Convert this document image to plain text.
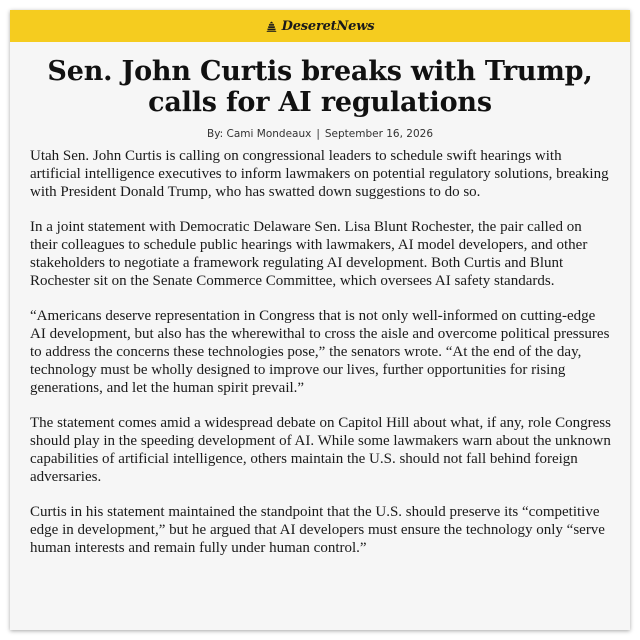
DeseretNews
Sen. John Curtis breaks with Trump, calls for AI regulations
By: Cami Mondeaux | September 16, 2026

Utah Sen. John Curtis is calling on congressional leaders to schedule swift hearings with artificial intelligence executives to inform lawmakers on potential regulatory solutions, breaking with President Donald Trump, who has swatted down suggestions to do so.

In a joint statement with Democratic Delaware Sen. Lisa Blunt Rochester, the pair called on their colleagues to schedule public hearings with lawmakers, AI model developers, and other stakeholders to negotiate a framework regulating AI development. Both Curtis and Blunt Rochester sit on the Senate Commerce Committee, which oversees AI safety standards.

“Americans deserve representation in Congress that is not only well-informed on cutting-edge AI development, but also has the wherewithal to cross the aisle and overcome political pressures to address the concerns these technologies pose,” the senators wrote. “At the end of the day, technology must be wholly designed to improve our lives, further opportunities for rising generations, and let the human spirit prevail.”

The statement comes amid a widespread debate on Capitol Hill about what, if any, role Congress should play in the speeding development of AI. While some lawmakers warn about the unknown capabilities of artificial intelligence, others maintain the U.S. should not fall behind foreign adversaries.

Curtis in his statement maintained the standpoint that the U.S. should preserve its “competitive edge in development,” but he argued that AI developers must ensure the technology only “serve human interests and remain fully under human control.”
